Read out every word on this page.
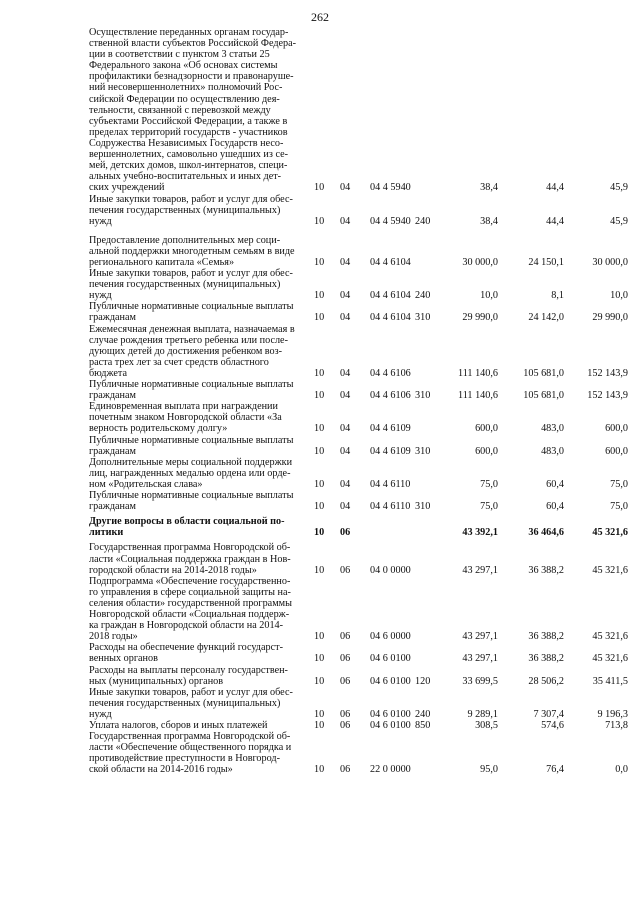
262
Осуществление переданных органам государ-
ственной власти субъектов Российской Федера-
ции в соответствии с пунктом 3 статьи 25
Федерального закона «Об основах системы
профилактики безнадзорности и правонаруше-
ний несовершеннолетних» полномочий Рос-
сийской Федерации по осуществлению дея-
тельности, связанной с перевозкой между
субъектами Российской Федерации, а также в
пределах территорий государств - участников
Содружества Независимых Государств несо-
вершеннолетних, самовольно ушедших из се-
мей, детских домов, школ-интернатов, специ-
альных учебно-воспитательных и иных дет-
ских учреждений	10 04 04 4 5940	38,4	44,4	45,9
Иные закупки товаров, работ и услуг для обес-
печения государственных (муниципальных)
нужд	10 04 04 4 5940 240	38,4	44,4	45,9
Предоставление дополнительных мер соци-
альной поддержки многодетным семьям в виде
регионального капитала «Семья»	10 04 04 4 6104	30 000,0	24 150,1	30 000,0
Иные закупки товаров, работ и услуг для обес-
печения государственных (муниципальных)
нужд	10 04 04 4 6104 240	10,0	8,1	10,0
Публичные нормативные социальные выплаты
гражданам	10 04 04 4 6104 310	29 990,0	24 142,0	29 990,0
Ежемесячная денежная выплата, назначаемая в
случае рождения третьего ребенка или после-
дующих детей до достижения ребенком воз-
раста трех лет за счет средств областного
бюджета	10 04 04 4 6106	111 140,6 105 681,0 152 143,9
Публичные нормативные социальные выплаты
гражданам	10 04 04 4 6106 310	111 140,6 105 681,0 152 143,9
Единовременная выплата при награждении
почетным знаком Новгородской области «За
верность родительскому долгу»	10 04 04 4 6109	600,0	483,0	600,0
Публичные нормативные социальные выплаты
гражданам	10 04 04 4 6109 310	600,0	483,0	600,0
Дополнительные меры социальной поддержки
лиц, награжденных медалью ордена или ордe-
ном «Родительская слава»	10 04 04 4 6110	75,0	60,4	75,0
Публичные нормативные социальные выплаты
гражданам	10 04 04 4 6110 310	75,0	60,4	75,0
Другие вопросы в области социальной по-
литики	10 06	43 392,1	36 464,6	45 321,6
Государственная программа Новгородской об-
ласти «Социальная поддержка граждан в Нов-
городской области на 2014-2018 годы»	10 06 04 0 0000	43 297,1	36 388,2	45 321,6
Подпрограмма «Обеспечение государственно-
го управления в сфере социальной защиты на-
селения области» государственной программы
Новгородской области «Социальная поддерж-
ка граждан в Новгородской области на 2014-
2018 годы»	10 06 04 6 0000	43 297,1	36 388,2	45 321,6
Расходы на обеспечение функций государст-
венных органов	10 06 04 6 0100	43 297,1	36 388,2	45 321,6
Расходы на выплаты персоналу государствен-
ных (муниципальных) органов	10 06 04 6 0100 120	33 699,5	28 506,2	35 411,5
Иные закупки товаров, работ и услуг для обес-
печения государственных (муниципальных)
нужд	10 06 04 6 0100 240	9 289,1	7 307,4	9 196,3
Уплата налогов, сборов и иных платежей	10 06 04 6 0100 850	308,5	574,6	713,8
Государственная программа Новгородской об-
ласти «Обеспечение общественного порядка и
противодействие преступности в Новгород-
ской области на 2014-2016 годы»	10 06 22 0 0000	95,0	76,4	0,0
